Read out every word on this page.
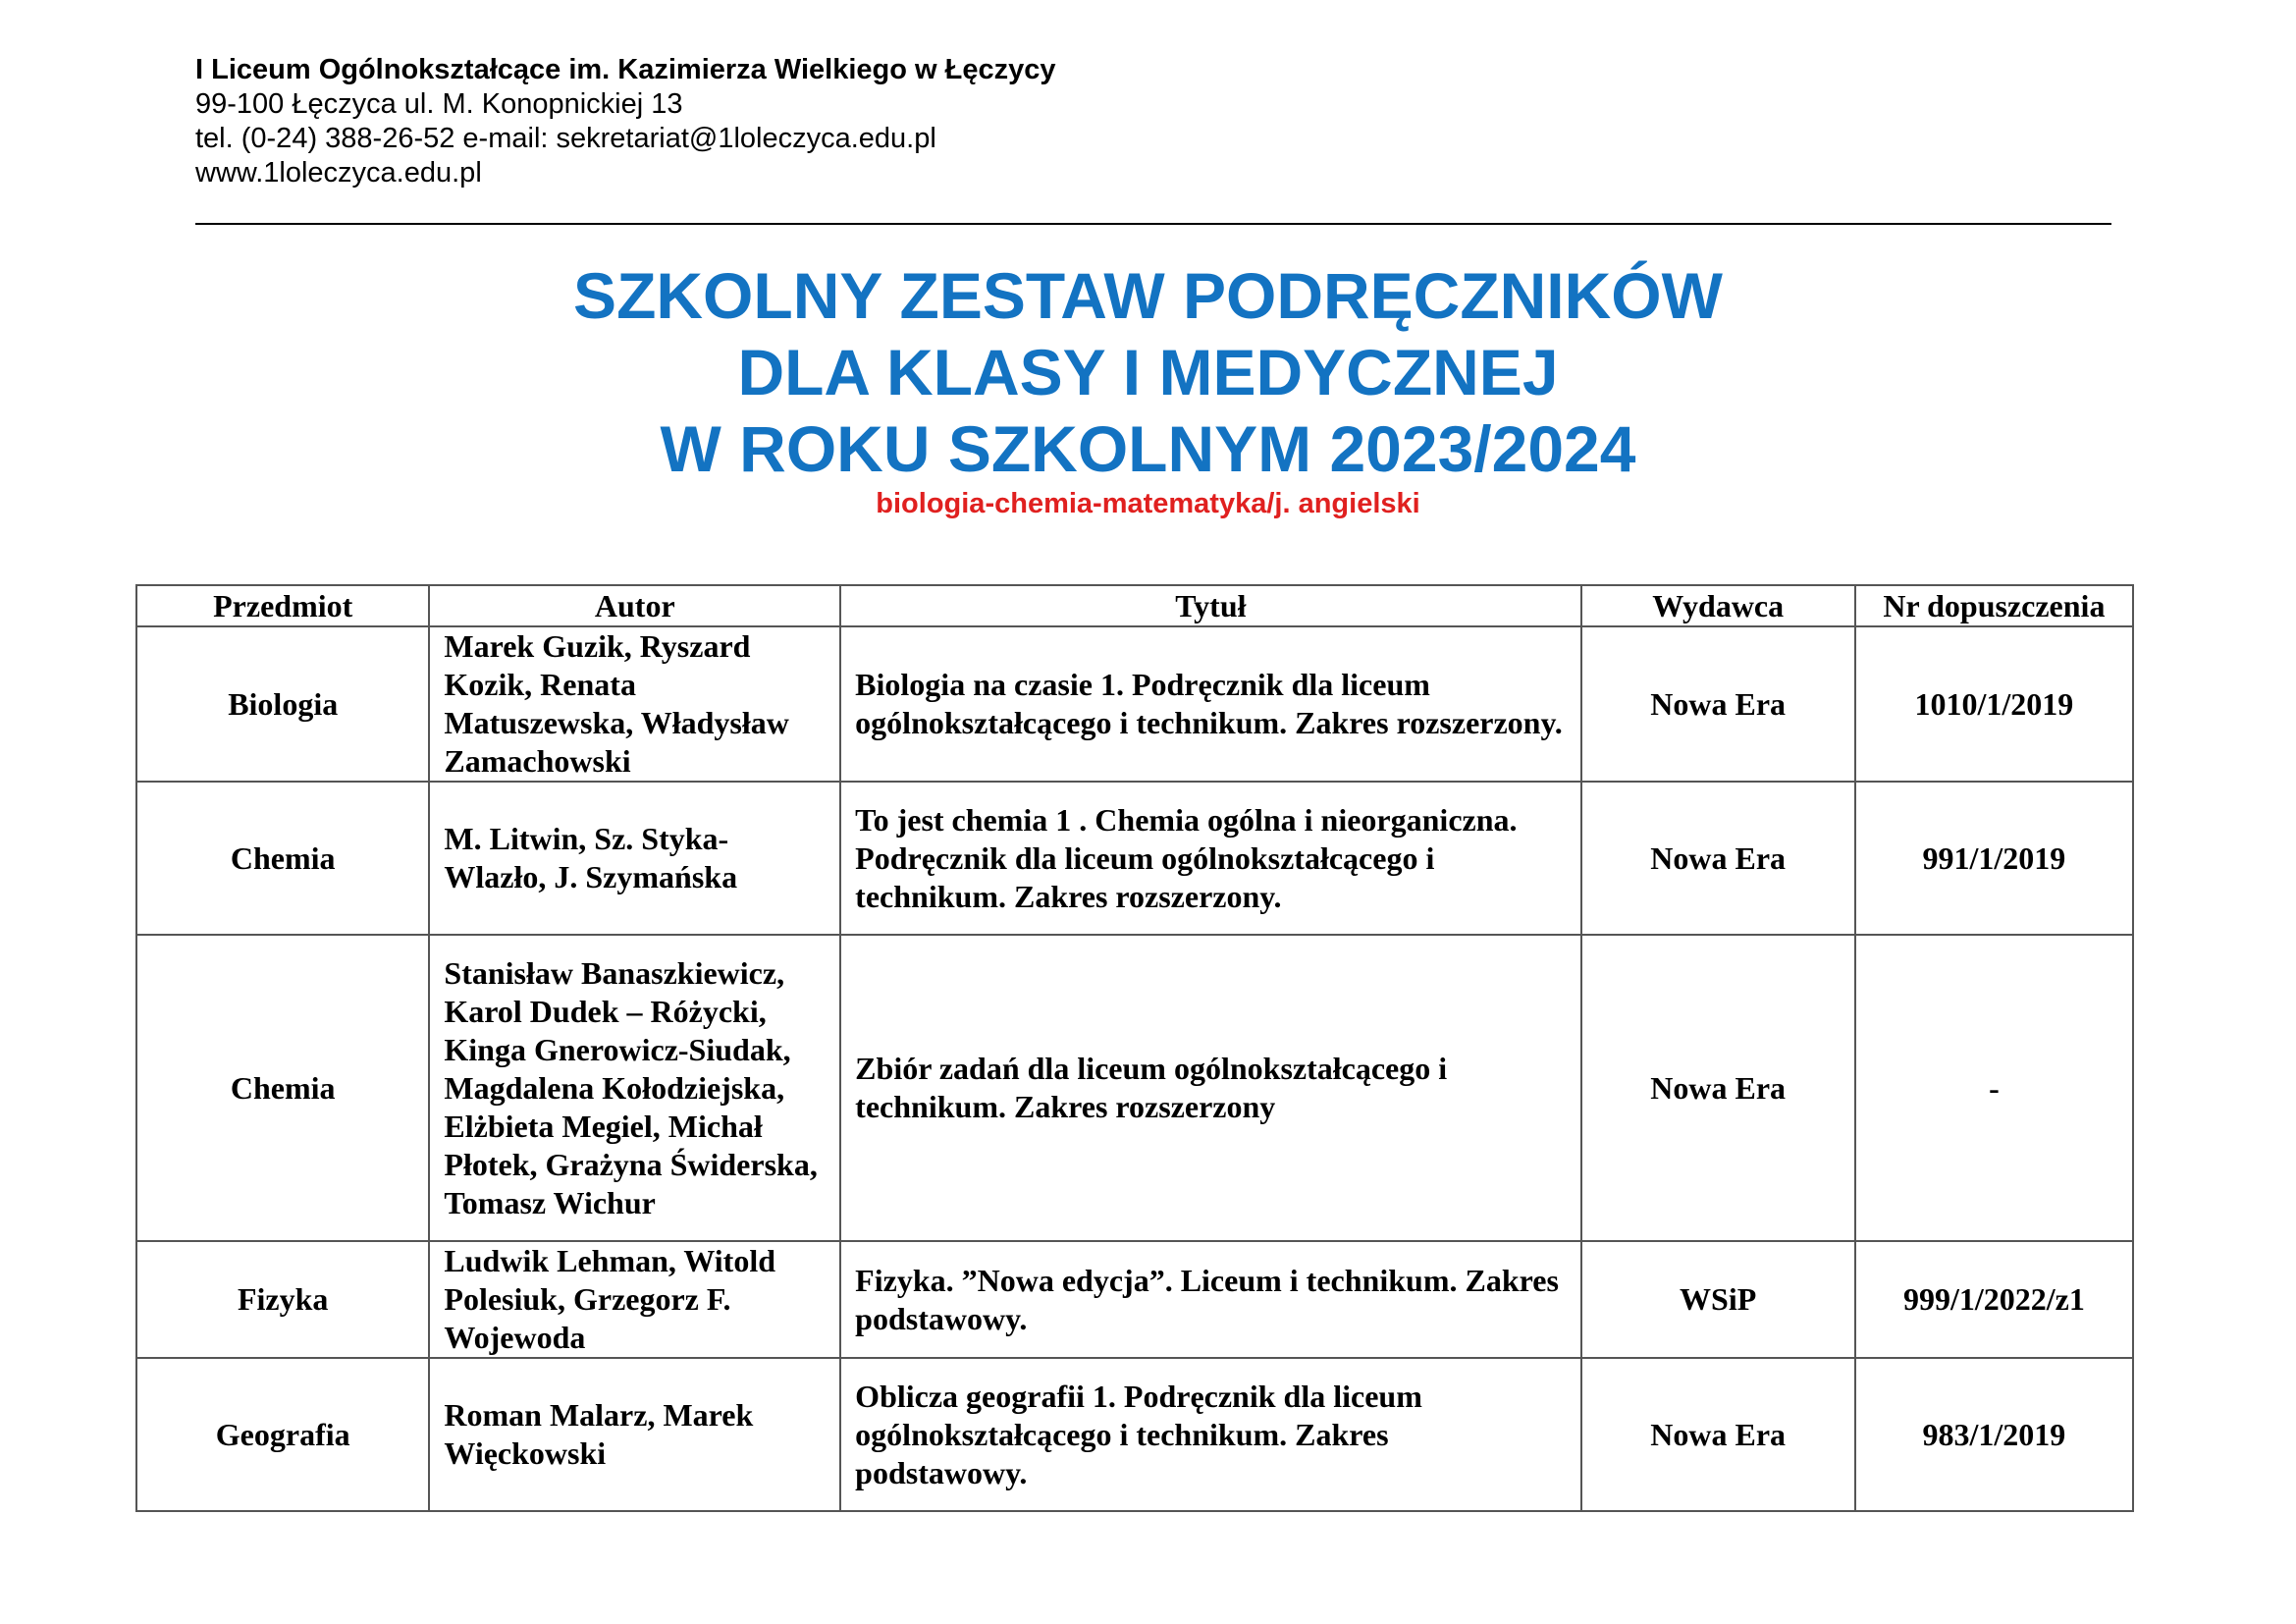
I Liceum Ogólnokształcące im. Kazimierza Wielkiego w Łęczycy
99-100 Łęczyca ul. M. Konopnickiej 13
tel. (0-24) 388-26-52 e-mail: sekretariat@1loleczyca.edu.pl
www.1loleczyca.edu.pl
SZKOLNY ZESTAW PODRĘCZNIKÓW
DLA KLASY I MEDYCZNEJ
W ROKU SZKOLNYM 2023/2024
biologia-chemia-matematyka/j. angielski
Przedmiot	Autor	Tytuł	Wydawca	Nr dopuszczenia
Biologia	Marek Guzik, Ryszard Kozik, Renata Matuszewska, Władysław Zamachowski	Biologia na czasie 1. Podręcznik dla liceum ogólnokształcącego i technikum. Zakres rozszerzony.	Nowa Era	1010/1/2019
Chemia	M. Litwin, Sz. Styka-Wlazło, J. Szymańska	To jest chemia 1 . Chemia ogólna i nieorganiczna. Podręcznik dla liceum ogólnokształcącego i technikum. Zakres rozszerzony.	Nowa Era	991/1/2019
Chemia	Stanisław Banaszkiewicz, Karol Dudek – Różycki, Kinga Gnerowicz-Siudak, Magdalena Kołodziejska, Elżbieta Megiel, Michał Płotek, Grażyna Świderska, Tomasz Wichur	Zbiór zadań dla liceum ogólnokształcącego i technikum. Zakres rozszerzony	Nowa Era	-
Fizyka	Ludwik Lehman, Witold Polesiuk, Grzegorz F. Wojewoda	Fizyka. ”Nowa edycja”. Liceum i technikum. Zakres podstawowy.	WSiP	999/1/2022/z1
Geografia	Roman Malarz, Marek Więckowski	Oblicza geografii 1. Podręcznik dla liceum ogólnokształcącego i technikum. Zakres podstawowy.	Nowa Era	983/1/2019
